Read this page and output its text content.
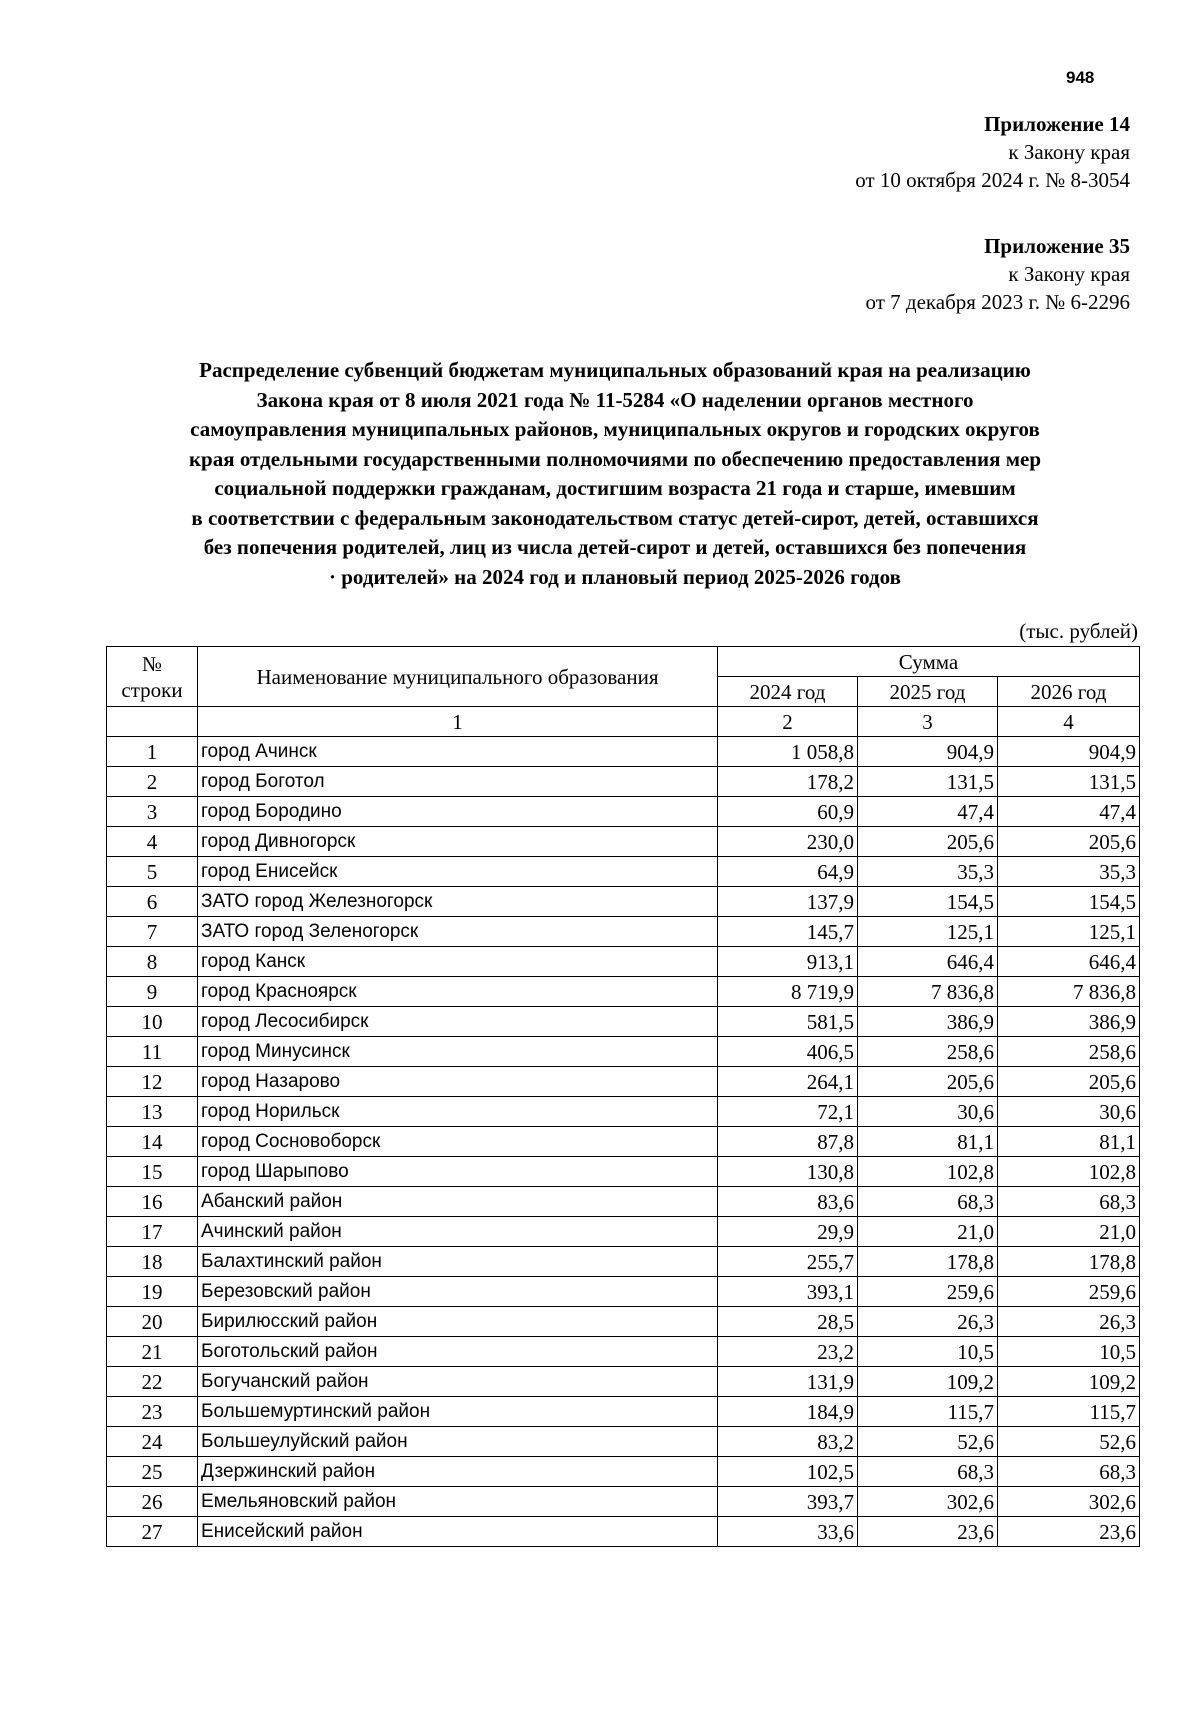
948
Приложение 14
к Закону края
от 10 октября 2024 г. № 8-3054
Приложение 35
к Закону края
от 7 декабря 2023 г. № 6-2296
Распределение субвенций бюджетам муниципальных образований края на реализацию
Закона края от 8 июля 2021 года № 11-5284 «О наделении органов местного
самоуправления муниципальных районов, муниципальных округов и городских округов
края отдельными государственными полномочиями по обеспечению предоставления мер
социальной поддержки гражданам, достигшим возраста 21 года и старше, имевшим
в соответствии с федеральным законодательством статус детей-сирот, детей, оставшихся
без попечения родителей, лиц из числа детей-сирот и детей, оставшихся без попечения
· родителей» на 2024 год и плановый период 2025-2026 годов
(тыс. рублей)
№
строки	Наименование муниципального образования	Сумма		
		2024 год	2025 год	2026 год
	1	2	3	4
1	город Ачинск	1 058,8	904,9	904,9
2	город Боготол	178,2	131,5	131,5
3	город Бородино	60,9	47,4	47,4
4	город Дивногорск	230,0	205,6	205,6
5	город Енисейск	64,9	35,3	35,3
6	ЗАТО город Железногорск	137,9	154,5	154,5
7	ЗАТО город Зеленогорск	145,7	125,1	125,1
8	город Канск	913,1	646,4	646,4
9	город Красноярск	8 719,9	7 836,8	7 836,8
10	город Лесосибирск	581,5	386,9	386,9
11	город Минусинск	406,5	258,6	258,6
12	город Назарово	264,1	205,6	205,6
13	город Норильск	72,1	30,6	30,6
14	город Сосновоборск	87,8	81,1	81,1
15	город Шарыпово	130,8	102,8	102,8
16	Абанский район	83,6	68,3	68,3
17	Ачинский район	29,9	21,0	21,0
18	Балахтинский район	255,7	178,8	178,8
19	Березовский район	393,1	259,6	259,6
20	Бирилюсский район	28,5	26,3	26,3
21	Боготольский район	23,2	10,5	10,5
22	Богучанский район	131,9	109,2	109,2
23	Большемуртинский район	184,9	115,7	115,7
24	Большеулуйский район	83,2	52,6	52,6
25	Дзержинский район	102,5	68,3	68,3
26	Емельяновский район	393,7	302,6	302,6
27	Енисейский район	33,6	23,6	23,6
